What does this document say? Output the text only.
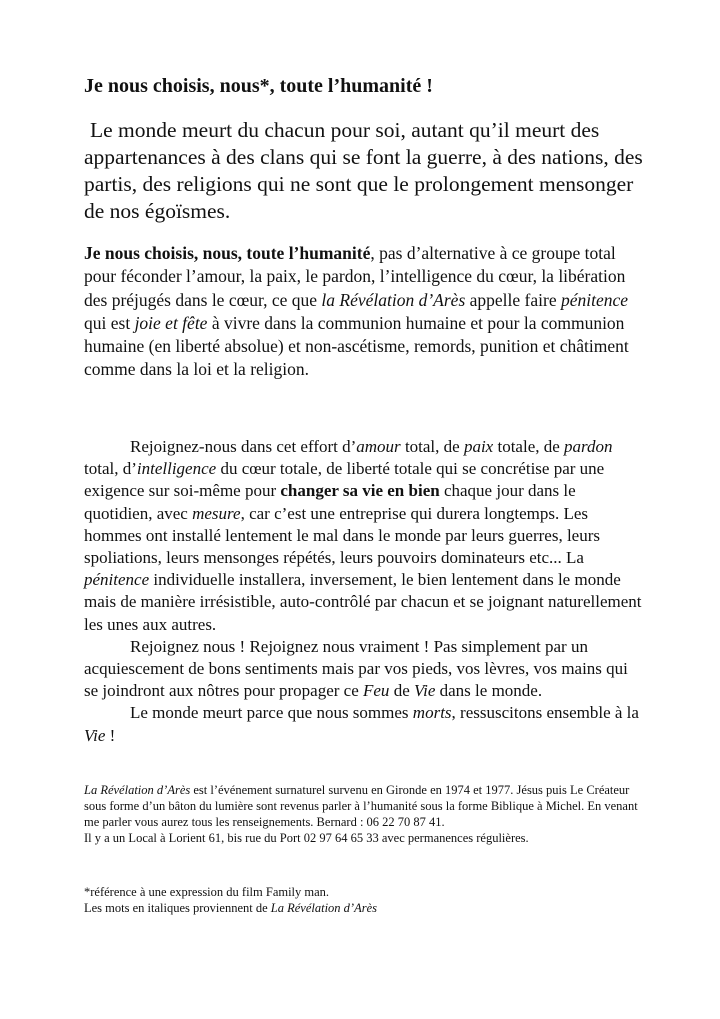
Je nous choisis, nous*, toute l’humanité !

Le monde meurt du chacun pour soi, autant qu’il meurt des appartenances à des clans qui se font la guerre, à des nations, des partis, des religions qui ne sont que le prolongement mensonger de nos égoïsmes.

Je nous choisis, nous, toute l’humanité, pas d’alternative à ce groupe total pour féconder l’amour, la paix, le pardon, l’intelligence du cœur, la libération des préjugés dans le cœur, ce que la Révélation d’Arès appelle faire pénitence qui est joie et fête à vivre dans la communion humaine et pour la communion humaine (en liberté absolue) et non-ascétisme, remords, punition et châtiment comme dans la loi et la religion.

Rejoignez-nous dans cet effort d’amour total, de paix totale, de pardon total, d’intelligence du cœur totale, de liberté totale qui se concrétise par une exigence sur soi-même pour changer sa vie en bien chaque jour dans le quotidien, avec mesure, car c’est une entreprise qui durera longtemps. Les hommes ont installé lentement le mal dans le monde par leurs guerres, leurs spoliations, leurs mensonges répétés, leurs pouvoirs dominateurs etc... La pénitence individuelle installera, inversement, le bien lentement dans le monde mais de manière irrésistible, auto-contrôlé par chacun et se joignant naturellement les unes aux autres.

Rejoignez nous ! Rejoignez nous vraiment ! Pas simplement par un acquiescement de bons sentiments mais par vos pieds, vos lèvres, vos mains qui se joindront aux nôtres pour propager ce Feu de Vie dans le monde.

Le monde meurt parce que nous sommes morts, ressuscitons ensemble à la Vie !

La Révélation d’Arès est l’événement surnaturel survenu en Gironde en 1974 et 1977. Jésus puis Le Créateur sous forme d’un bâton du lumière sont revenus parler à l’humanité sous la forme Biblique à Michel. En venant me parler vous aurez tous les renseignements. Bernard : 06 22 70 87 41.
Il y a un Local à Lorient 61, bis rue du Port 02 97 64 65 33 avec permanences régulières.
*référence à une expression du film Family man.
Les mots en italiques proviennent de La Révélation d’Arès
